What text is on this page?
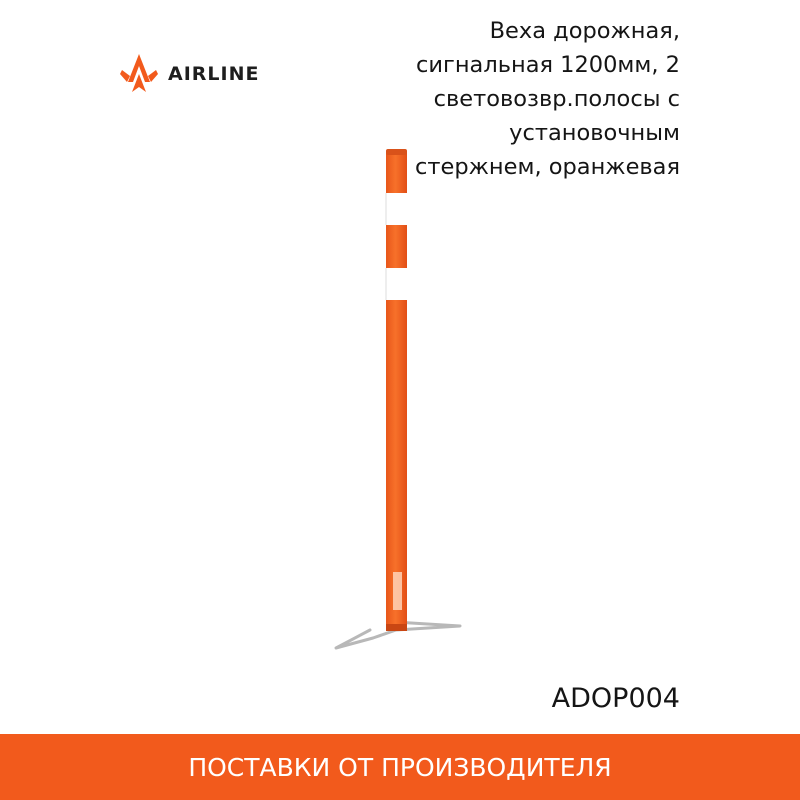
AIRLINE
Веха дорожная,
сигнальная 1200мм, 2
световозвр.полосы с
установочным
стержнем, оранжевая
ADOP004
ПОСТАВКИ ОТ ПРОИЗВОДИТЕЛЯ
